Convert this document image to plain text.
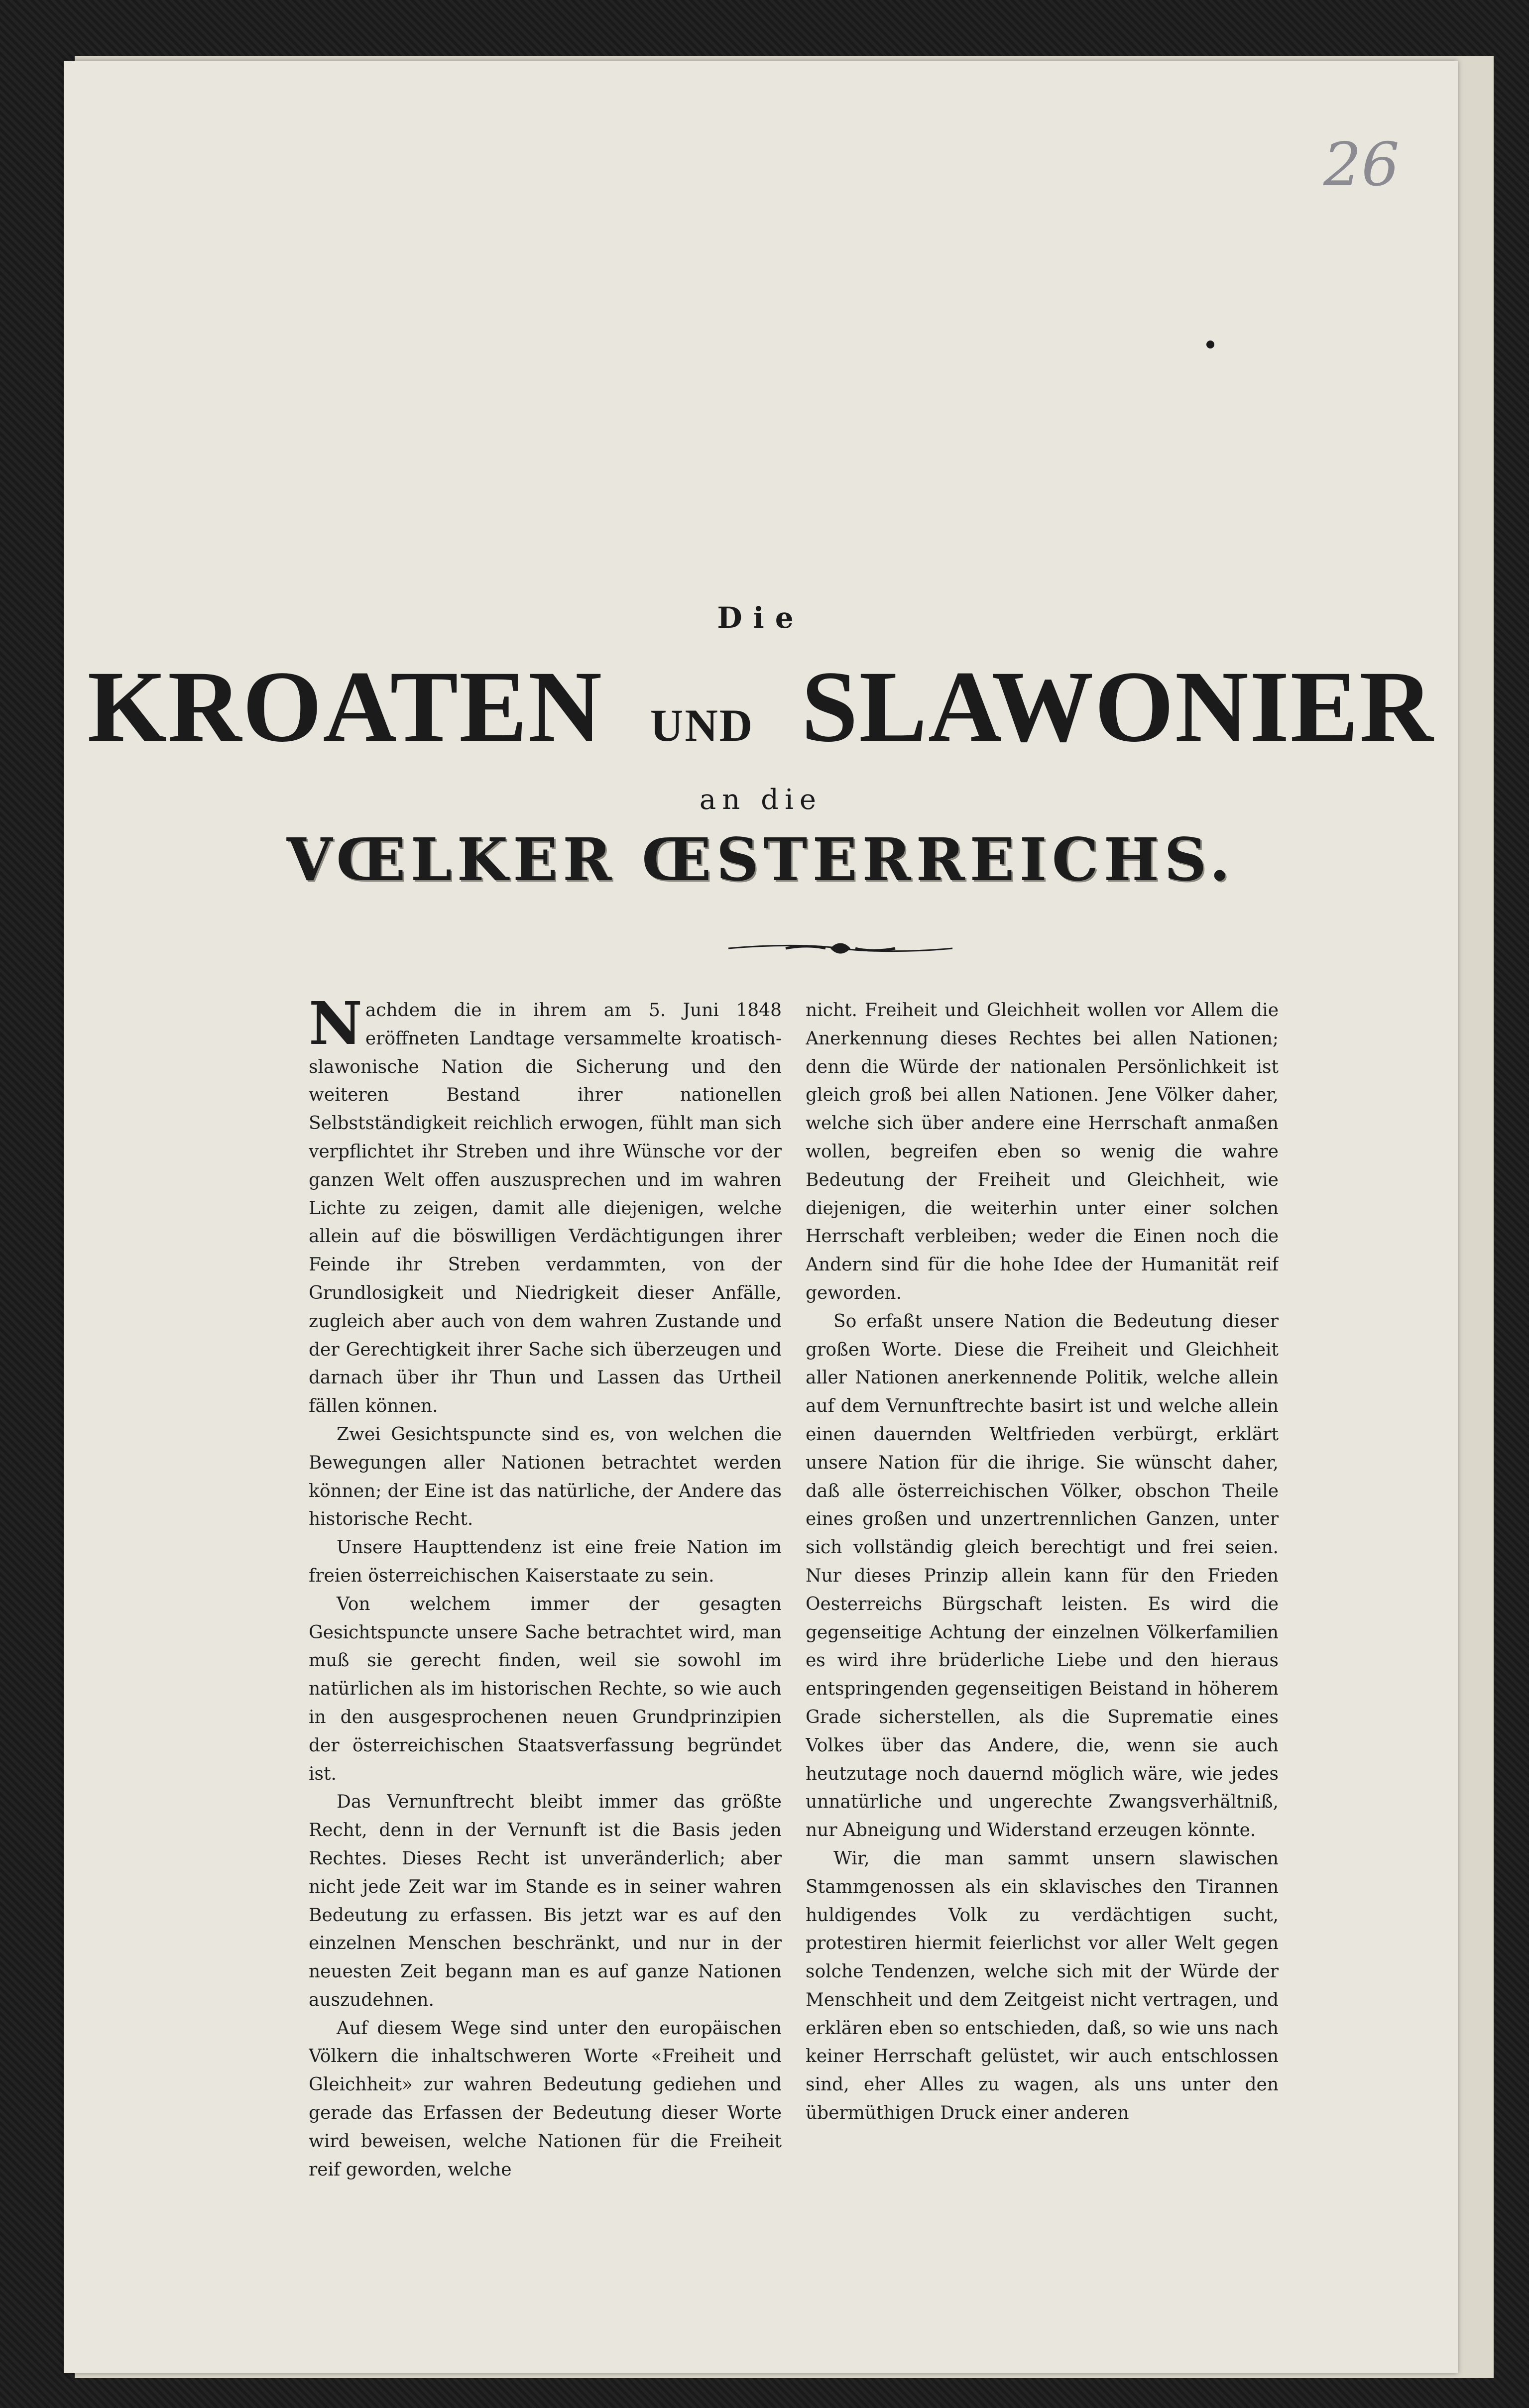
26
Die
KROATEN UND SLAWONIER
an die
VŒLKER ŒSTERREICHS.

Nachdem die in ihrem am 5. Juni 1848 eröffneten Landtage versammelte kroatisch-slawonische Nation die Sicherung und den weiteren Bestand ihrer nationellen Selbstständigkeit reichlich erwogen, fühlt man sich verpflichtet ihr Streben und ihre Wünsche vor der ganzen Welt offen auszusprechen und im wahren Lichte zu zeigen, damit alle diejenigen, welche allein auf die böswilligen Verdächtigungen ihrer Feinde ihr Streben verdammten, von der Grundlosigkeit und Niedrigkeit dieser Anfälle, zugleich aber auch von dem wahren Zustande und der Gerechtigkeit ihrer Sache sich überzeugen und darnach über ihr Thun und Lassen das Urtheil fällen können.

Zwei Gesichtspuncte sind es, von welchen die Bewegungen aller Nationen betrachtet werden können; der Eine ist das natürliche, der Andere das historische Recht.

Unsere Haupttendenz ist eine freie Nation im freien österreichischen Kaiserstaate zu sein.

Von welchem immer der gesagten Gesichtspuncte unsere Sache betrachtet wird, man muß sie gerecht finden, weil sie sowohl im natürlichen als im historischen Rechte, so wie auch in den ausgesprochenen neuen Grundprinzipien der österreichischen Staatsverfassung begründet ist.

Das Vernunftrecht bleibt immer das größte Recht, denn in der Vernunft ist die Basis jeden Rechtes. Dieses Recht ist unveränderlich; aber nicht jede Zeit war im Stande es in seiner wahren Bedeutung zu erfassen. Bis jetzt war es auf den einzelnen Menschen beschränkt, und nur in der neuesten Zeit begann man es auf ganze Nationen auszudehnen.

Auf diesem Wege sind unter den europäischen Völkern die inhaltschweren Worte «Freiheit und Gleichheit» zur wahren Bedeutung gediehen und gerade das Erfassen der Bedeutung dieser Worte wird beweisen, welche Nationen für die Freiheit reif geworden, welche

nicht. Freiheit und Gleichheit wollen vor Allem die Anerkennung dieses Rechtes bei allen Nationen; denn die Würde der nationalen Persönlichkeit ist gleich groß bei allen Nationen. Jene Völker daher, welche sich über andere eine Herrschaft anmaßen wollen, begreifen eben so wenig die wahre Bedeutung der Freiheit und Gleichheit, wie diejenigen, die weiterhin unter einer solchen Herrschaft verbleiben; weder die Einen noch die Andern sind für die hohe Idee der Humanität reif geworden.

So erfaßt unsere Nation die Bedeutung dieser großen Worte. Diese die Freiheit und Gleichheit aller Nationen anerkennende Politik, welche allein auf dem Vernunftrechte basirt ist und welche allein einen dauernden Weltfrieden verbürgt, erklärt unsere Nation für die ihrige. Sie wünscht daher, daß alle österreichischen Völker, obschon Theile eines großen und unzertrennlichen Ganzen, unter sich vollständig gleich berechtigt und frei seien. Nur dieses Prinzip allein kann für den Frieden Oesterreichs Bürgschaft leisten. Es wird die gegenseitige Achtung der einzelnen Völkerfamilien es wird ihre brüderliche Liebe und den hieraus entspringenden gegenseitigen Beistand in höherem Grade sicherstellen, als die Suprematie eines Volkes über das Andere, die, wenn sie auch heutzutage noch dauernd möglich wäre, wie jedes unnatürliche und ungerechte Zwangsverhältniß, nur Abneigung und Widerstand erzeugen könnte.

Wir, die man sammt unsern slawischen Stammgenossen als ein sklavisches den Tirannen huldigendes Volk zu verdächtigen sucht, protestiren hiermit feierlichst vor aller Welt gegen solche Tendenzen, welche sich mit der Würde der Menschheit und dem Zeitgeist nicht vertragen, und erklären eben so entschieden, daß, so wie uns nach keiner Herrschaft gelüstet, wir auch entschlossen sind, eher Alles zu wagen, als uns unter den übermüthigen Druck einer anderen
